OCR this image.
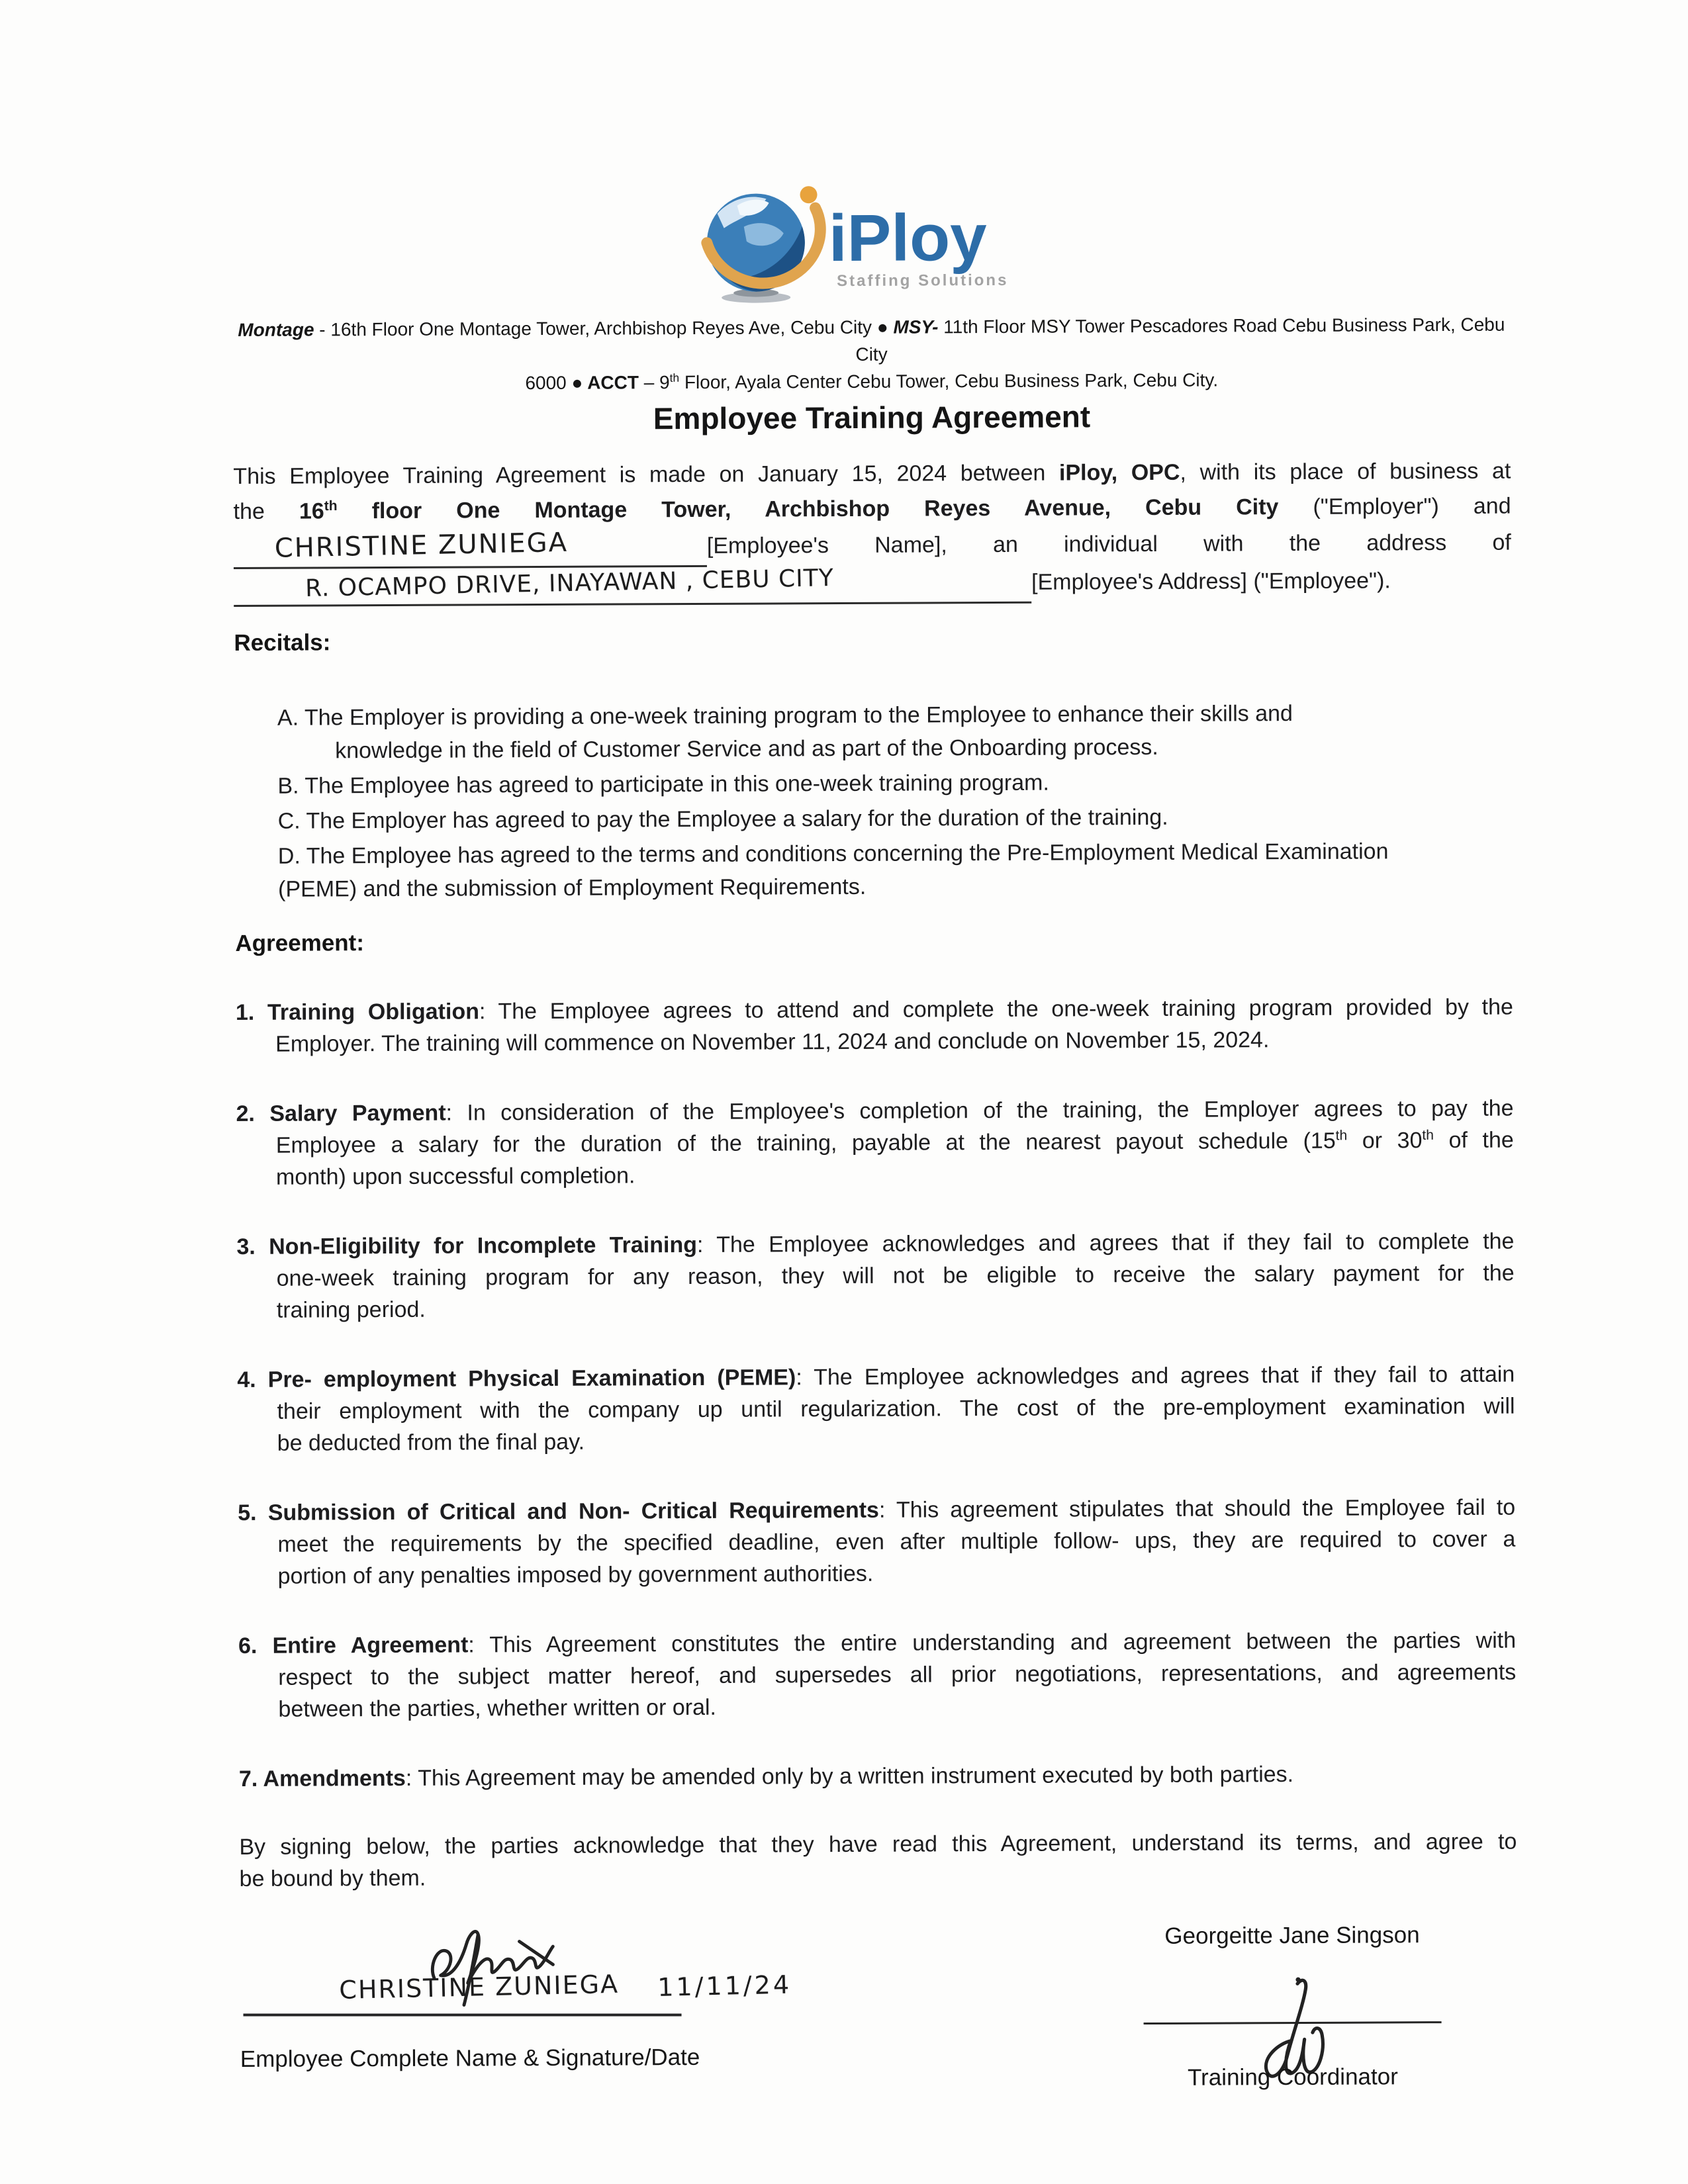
iPloy
Staffing Solutions
Montage - 16th Floor One Montage Tower, Archbishop Reyes Ave, Cebu City ● MSY- 11th Floor MSY Tower Pescadores Road Cebu Business Park, Cebu City
6000 ● ACCT – 9th Floor, Ayala Center Cebu Tower, Cebu Business Park, Cebu City.
Employee Training Agreement
This Employee Training Agreement is made on January 15, 2024 between iPloy, OPC, with its place of business at
the 16th floor One Montage Tower, Archbishop Reyes Avenue, Cebu City ("Employer") and
CHRISTINE ZUNIEGA	[Employee's Name], an individual with the address of
R. OCAMPO DRIVE, INAYAWAN , CEBU CITY	[Employee's Address] ("Employee").
Recitals:
A. The Employer is providing a one-week training program to the Employee to enhance their skills and
knowledge in the field of Customer Service and as part of the Onboarding process.
B. The Employee has agreed to participate in this one-week training program.
C. The Employer has agreed to pay the Employee a salary for the duration of the training.
D. The Employee has agreed to the terms and conditions concerning the Pre-Employment Medical Examination
(PEME) and the submission of Employment Requirements.
Agreement:
1. Training Obligation: The Employee agrees to attend and complete the one-week training program provided by the
Employer. The training will commence on November 11, 2024 and conclude on November 15, 2024.
2. Salary Payment: In consideration of the Employee's completion of the training, the Employer agrees to pay the
Employee a salary for the duration of the training, payable at the nearest payout schedule (15th or 30th of the
month) upon successful completion.
3. Non-Eligibility for Incomplete Training: The Employee acknowledges and agrees that if they fail to complete the
one-week training program for any reason, they will not be eligible to receive the salary payment for the
training period.
4. Pre- employment Physical Examination (PEME): The Employee acknowledges and agrees that if they fail to attain
their employment with the company up until regularization. The cost of the pre-employment examination will
be deducted from the final pay.
5. Submission of Critical and Non- Critical Requirements: This agreement stipulates that should the Employee fail to
meet the requirements by the specified deadline, even after multiple follow- ups, they are required to cover a
portion of any penalties imposed by government authorities.
6. Entire Agreement: This Agreement constitutes the entire understanding and agreement between the parties with
respect to the subject matter hereof, and supersedes all prior negotiations, representations, and agreements
between the parties, whether written or oral.
7. Amendments: This Agreement may be amended only by a written instrument executed by both parties.
By signing below, the parties acknowledge that they have read this Agreement, understand its terms, and agree to
be bound by them.
CHRISTINE ZUNIEGA 11/11/24
Employee Complete Name & Signature/Date
Georgeitte Jane Singson
Training Coordinator
